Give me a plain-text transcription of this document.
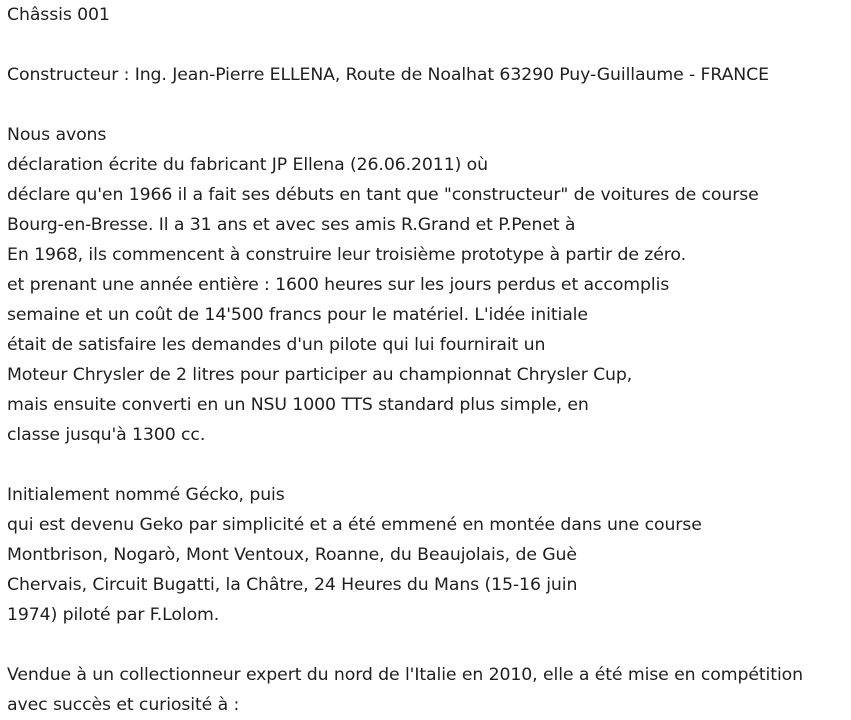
Châssis 001
Constructeur : Ing. Jean-Pierre ELLENA, Route de Noalhat 63290 Puy-Guillaume - FRANCE
Nous avons
déclaration écrite du fabricant JP Ellena (26.06.2011) où
déclare qu'en 1966 il a fait ses débuts en tant que "constructeur" de voitures de course
Bourg-en-Bresse. Il a 31 ans et avec ses amis R.Grand et P.Penet à
En 1968, ils commencent à construire leur troisième prototype à partir de zéro.
et prenant une année entière : 1600 heures sur les jours perdus et accomplis
semaine et un coût de 14'500 francs pour le matériel. L'idée initiale
était de satisfaire les demandes d'un pilote qui lui fournirait un
Moteur Chrysler de 2 litres pour participer au championnat Chrysler Cup,
mais ensuite converti en un NSU 1000 TTS standard plus simple, en
classe jusqu'à 1300 cc.
Initialement nommé Gécko, puis
qui est devenu Geko par simplicité et a été emmené en montée dans une course
Montbrison, Nogarò, Mont Ventoux, Roanne, du Beaujolais, de Guè
Chervais, Circuit Bugatti, la Châtre, 24 Heures du Mans (15-16 juin
1974) piloté par F.Lolom.
Vendue à un collectionneur expert du nord de l'Italie en 2010, elle a été mise en compétition
avec succès et curiosité à :
